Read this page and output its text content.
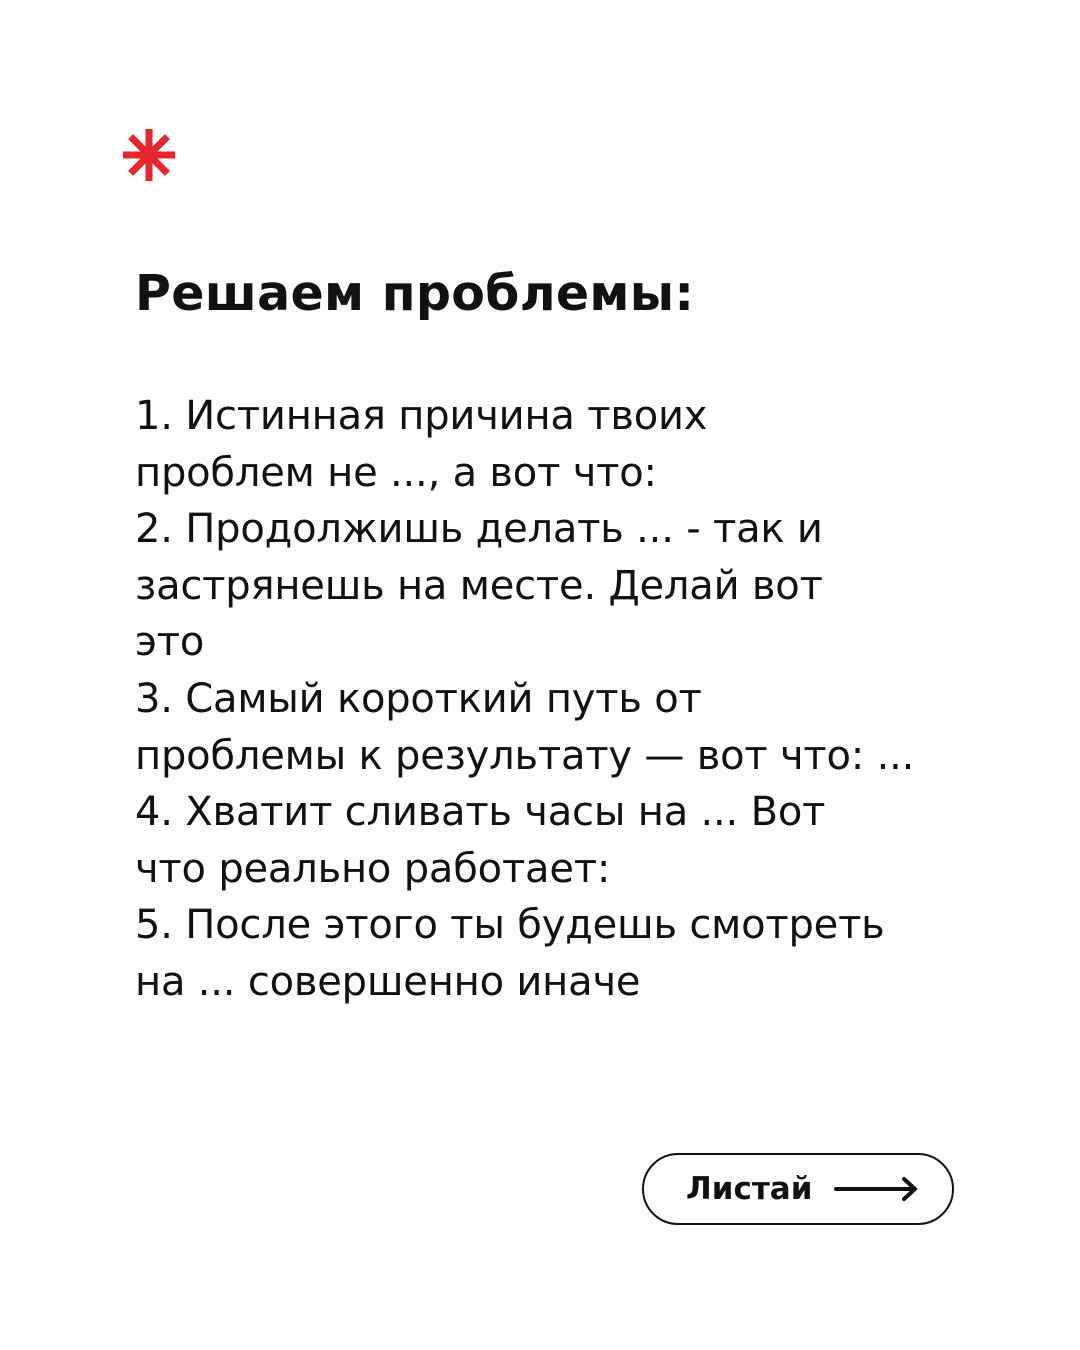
Решаем проблемы:
1. Истинная причина твоих
проблем не ..., а вот что:
2. Продолжишь делать ... - так и
застрянешь на месте. Делай вот
это
3. Самый короткий путь от
проблемы к результату — вот что: ...
4. Хватит сливать часы на ... Вот
что реально работает:
5. После этого ты будешь смотреть
на ... совершенно иначе
Листай
